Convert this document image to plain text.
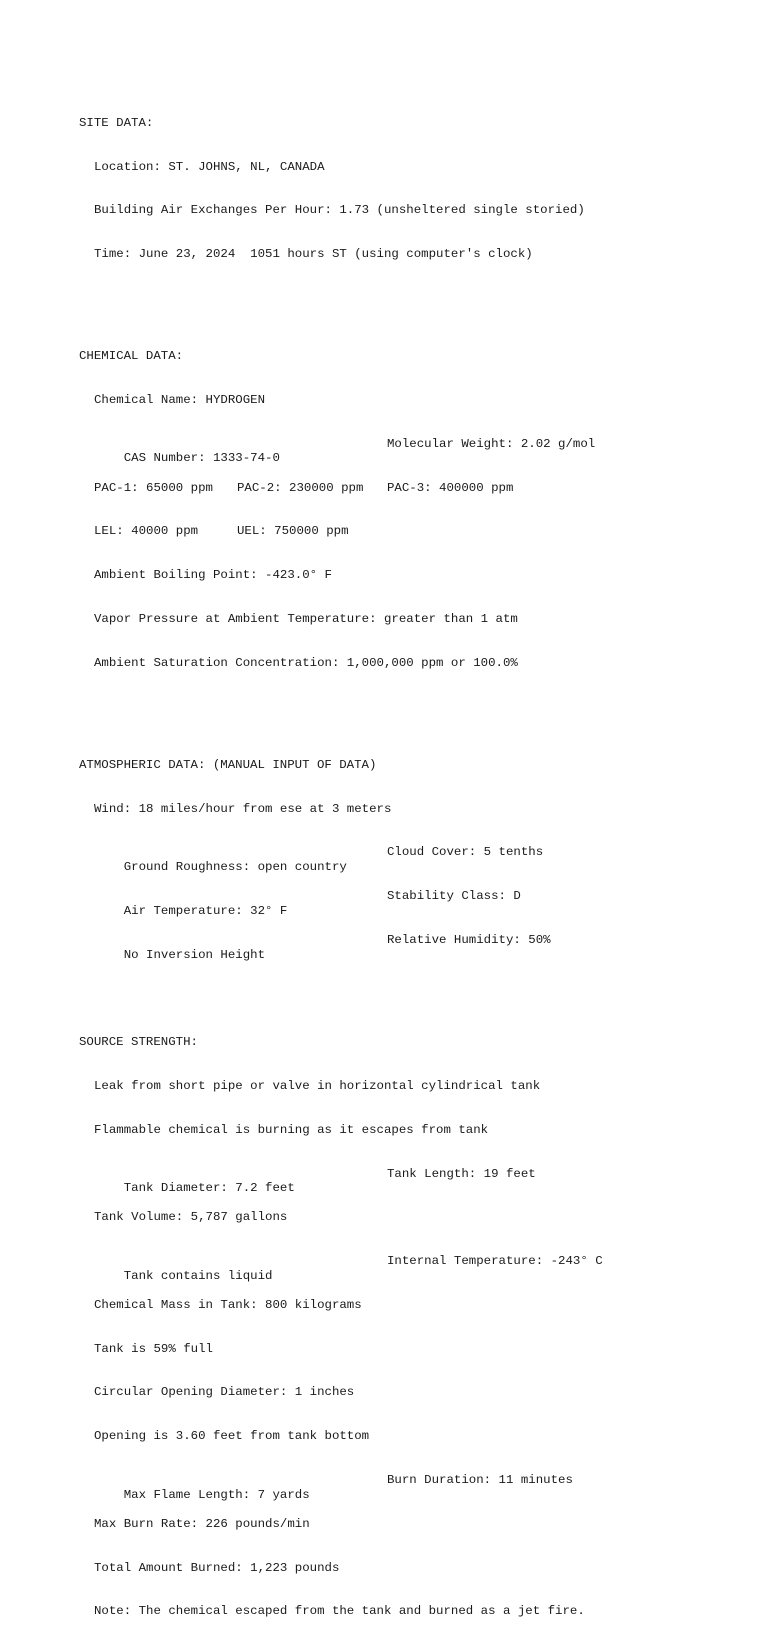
SITE DATA:

Location: ST. JOHNS, NL, CANADA

Building Air Exchanges Per Hour: 1.73 (unsheltered single storied)

Time: June 23, 2024  1051 hours ST (using computer's clock)

CHEMICAL DATA:

Chemical Name: HYDROGEN

CAS Number: 1333-74-0

Molecular Weight: 2.02 g/mol

PAC-1: 65000 ppm PAC-2: 230000 ppm PAC-3: 400000 ppm

LEL: 40000 ppm	UEL: 750000 ppm

Ambient Boiling Point: -423.0° F

Vapor Pressure at Ambient Temperature: greater than 1 atm

Ambient Saturation Concentration: 1,000,000 ppm or 100.0%

ATMOSPHERIC DATA: (MANUAL INPUT OF DATA)

Wind: 18 miles/hour from ese at 3 meters

Ground Roughness: open country

Cloud Cover: 5 tenths

Air Temperature: 32° F

Stability Class: D

No Inversion Height

Relative Humidity: 50%

SOURCE STRENGTH:

Leak from short pipe or valve in horizontal cylindrical tank

Flammable chemical is burning as it escapes from tank

Tank Diameter: 7.2 feet

Tank Length: 19 feet

Tank Volume: 5,787 gallons

Tank contains liquid

Internal Temperature: -243° C

Chemical Mass in Tank: 800 kilograms

Tank is 59% full

Circular Opening Diameter: 1 inches

Opening is 3.60 feet from tank bottom

Max Flame Length: 7 yards

Burn Duration: 11 minutes

Max Burn Rate: 226 pounds/min

Total Amount Burned: 1,223 pounds

Note: The chemical escaped from the tank and burned as a jet fire.
